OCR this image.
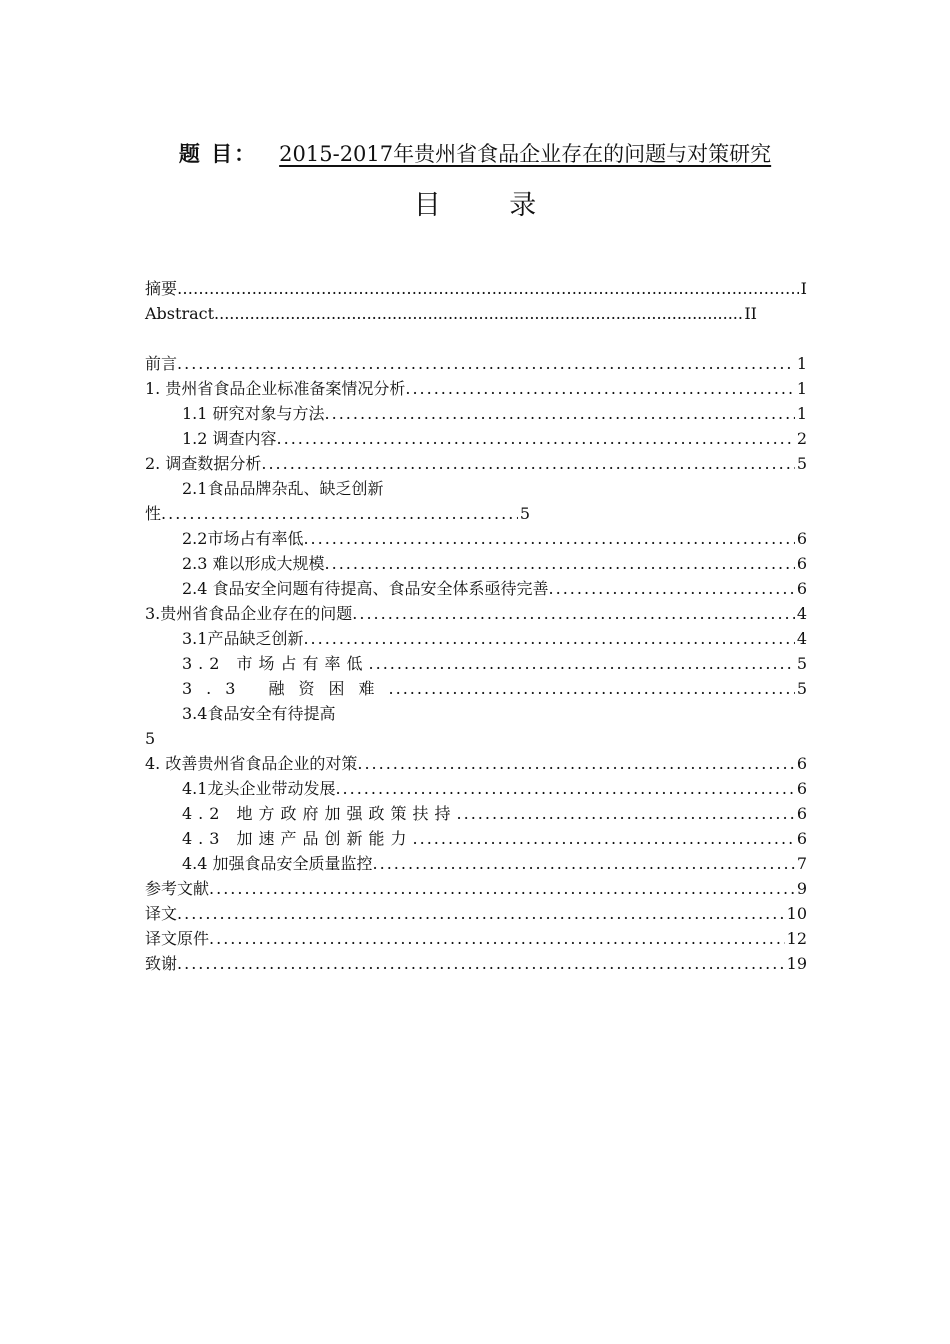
题 目： 2015-2017年贵州省食品企业存在的问题与对策研究
目 录
摘要 ……………………………………………………………………………………………………………………………………………	I
Abstract .....	II
前言 .....	1
1. 贵州省食品企业标准备案情况分析 .....	1
1.1 研究对象与方法 .....	1
1.2 调查内容 .....	2
2. 调查数据分析 .....	5
2.1食品品牌杂乱、缺乏创新
性 .....	5
2.2市场占有率低 .....	6
2.3 难以形成大规模 .....	6
2.4 食品安全问题有待提高、食品安全体系亟待完善 .....	6
3.贵州省食品企业存在的问题 .....	4
3.1产品缺乏创新 .....	4
3.2 市场占有率低 .....	5
3.3 融资困难 .....	5
3.4食品安全有待提高
5
4. 改善贵州省食品企业的对策 .....	6
4.1龙头企业带动发展 .....	6
4.2 地方政府加强政策扶持 .....	6
4.3 加速产品创新能力 .....	6
4.4 加强食品安全质量监控 .....	7
参考文献 .....	9
译文 .....	10
译文原件 .....	12
致谢 .....	19
